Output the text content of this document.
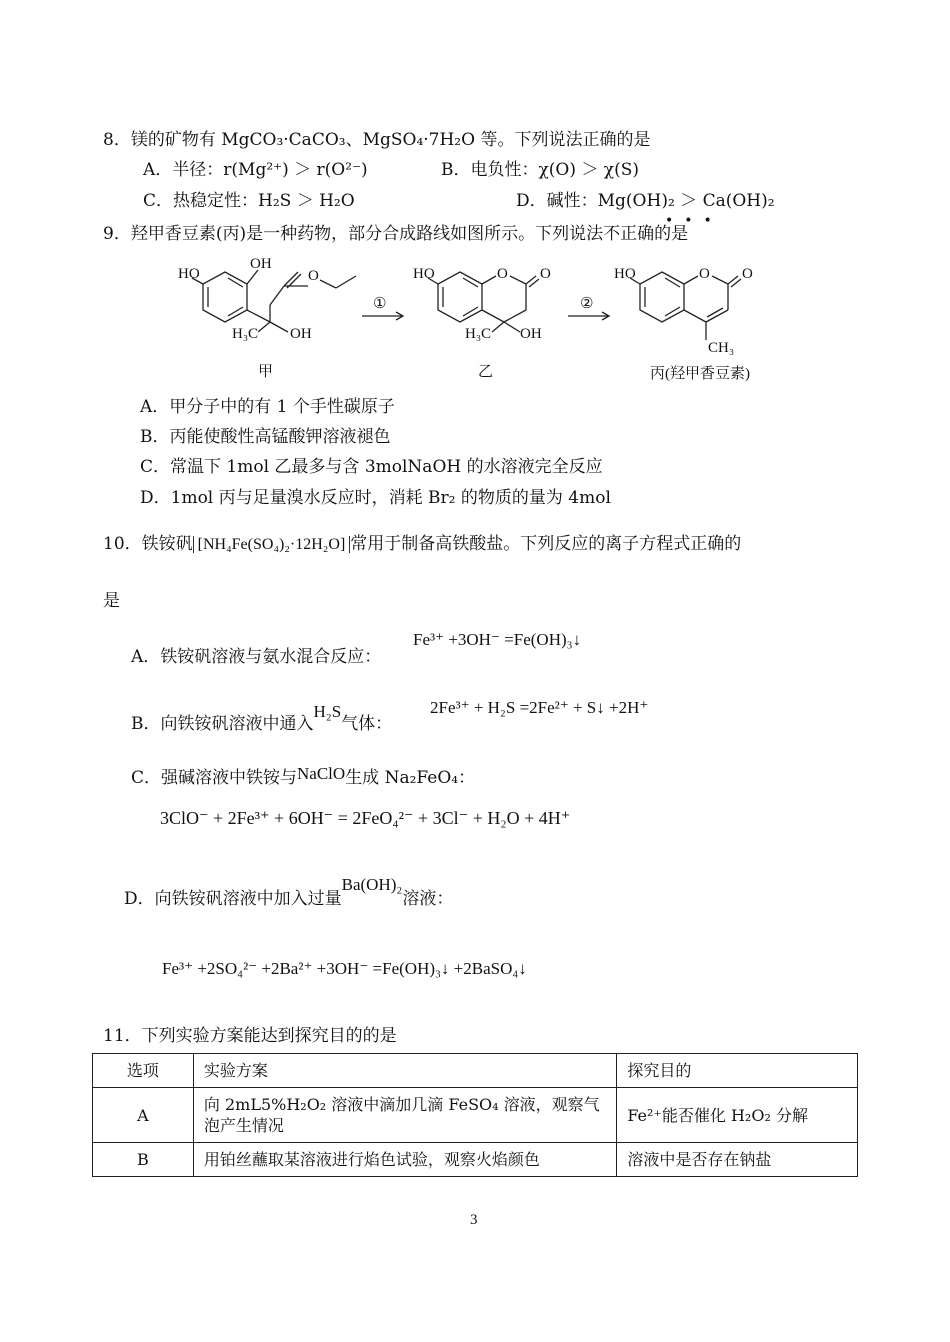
8．镁的矿物有 MgCO₃·CaCO₃、MgSO₄·7H₂O 等。下列说法正确的是
A．半径：r(Mg²⁺) ＞ r(O²⁻)	B．电负性：χ(O) ＞ χ(S)
C．热稳定性：H₂S ＞ H₂O	D．碱性：Mg(OH)₂ ＞ Ca(OH)₂
9．羟甲香豆素(丙)是一种药物，部分合成路线如图所示。下列说法不正确的是
•••
HO
OH
O
H₃C OH
甲
①
HO	O O
H₃C OH
乙
②
HO	O O
CH₃
丙(羟甲香豆素)
A．甲分子中的有 1 个手性碳原子
B．丙能使酸性高锰酸钾溶液褪色
C．常温下 1mol 乙最多与含 3molNaOH 的水溶液完全反应
D．1mol 丙与足量溴水反应时，消耗 Br₂ 的物质的量为 4mol
10．铁铵矾 [NH₄Fe(SO₄)₂·12H₂O] 常用于制备高铁酸盐。下列反应的离子方程式正确的
是
A．铁铵矾溶液与氨水混合反应：
Fe³⁺ +3OH⁻ =Fe(OH)₃↓
B．向铁铵矾溶液中通入H₂S气体：
2Fe³⁺ + H₂S =2Fe²⁺ + S↓ +2H⁺
C．强碱溶液中铁铵与NaClO生成 Na₂FeO₄：
3ClO⁻ + 2Fe³⁺ + 6OH⁻ = 2FeO₄²⁻ + 3Cl⁻ + H₂O + 4H⁺
D．向铁铵矾溶液中加入过量Ba(OH)₂溶液：
Fe³⁺ +2SO₄²⁻ +2Ba²⁺ +3OH⁻ =Fe(OH)₃↓ +2BaSO₄↓
11．下列实验方案能达到探究目的的是
选项	实验方案	探究目的
A	向 2mL5%H₂O₂ 溶液中滴加几滴 FeSO₄ 溶液，观察气泡产生情况	Fe²⁺能否催化 H₂O₂ 分解
B	用铂丝蘸取某溶液进行焰色试验，观察火焰颜色	溶液中是否存在钠盐
3
